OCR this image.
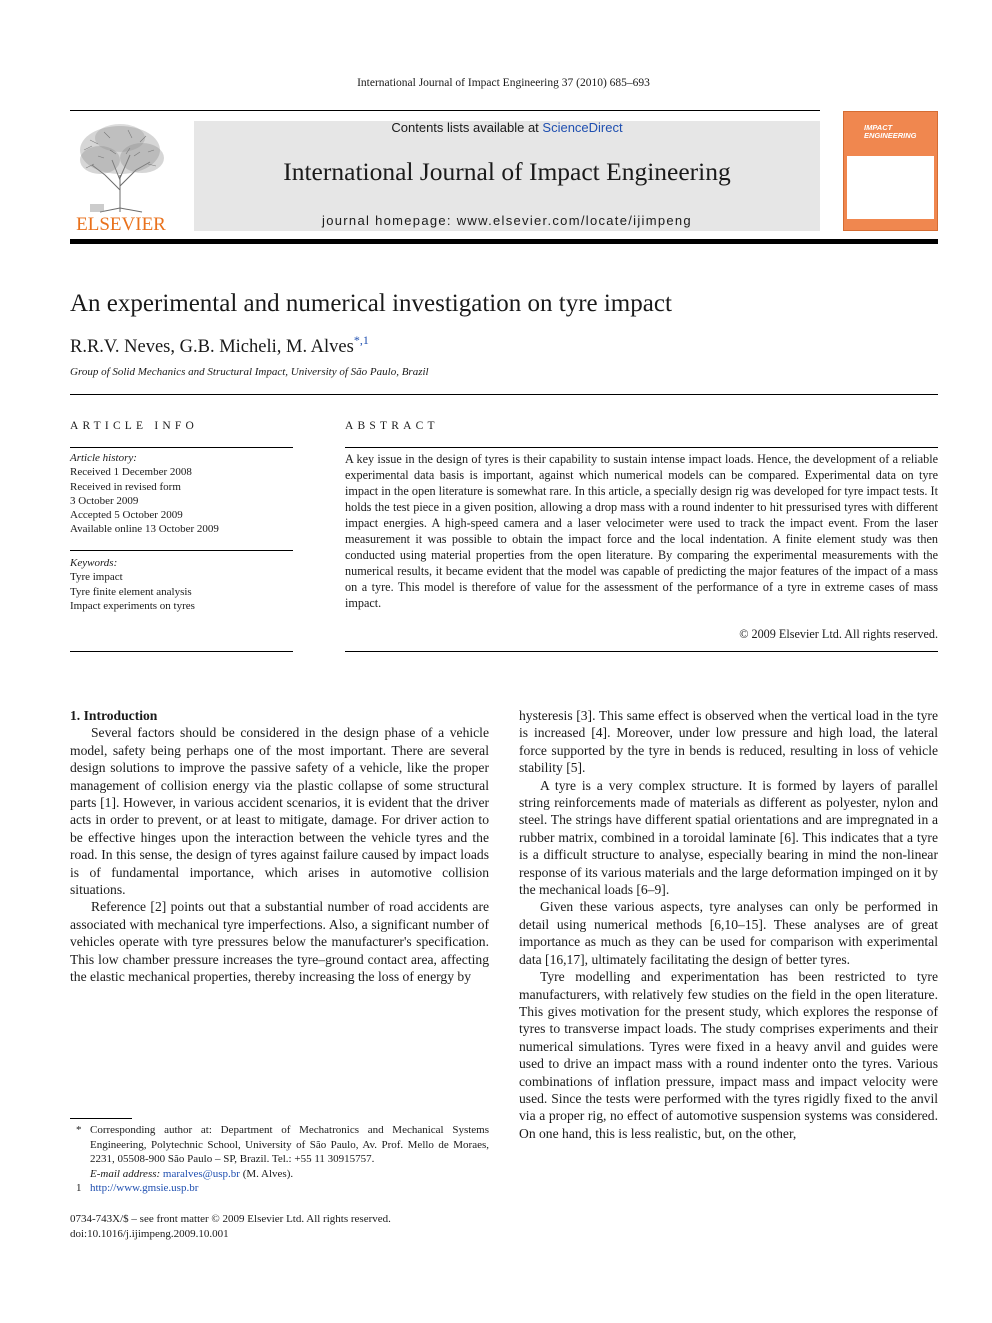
International Journal of Impact Engineering 37 (2010) 685–693
ELSEVIER
Contents lists available at ScienceDirect
International Journal of Impact Engineering
journal homepage: www.elsevier.com/locate/ijimpeng
IMPACT ENGINEERING
An experimental and numerical investigation on tyre impact
R.R.V. Neves, G.B. Micheli, M. Alves$^{*,1}$
Group of Solid Mechanics and Structural Impact, University of São Paulo, Brazil
ARTICLE INFO	ABSTRACT
Article history:
Received 1 December 2008
Received in revised form
3 October 2009
Accepted 5 October 2009
Available online 13 October 2009
Keywords:
Tyre impact
Tyre finite element analysis
Impact experiments on tyres
A key issue in the design of tyres is their capability to sustain intense impact loads. Hence, the development of a reliable experimental data basis is important, against which numerical models can be compared. Experimental data on tyre impact in the open literature is somewhat rare. In this article, a specially design rig was developed for tyre impact tests. It holds the test piece in a given position, allowing a drop mass with a round indenter to hit pressurised tyres with different impact energies. A high-speed camera and a laser velocimeter were used to track the impact event. From the laser measurement it was possible to obtain the impact force and the local indentation. A finite element study was then conducted using material properties from the open literature. By comparing the experimental measurements with the numerical results, it became evident that the model was capable of predicting the major features of the impact of a mass on a tyre. This model is therefore of value for the assessment of the performance of a tyre in extreme cases of mass impact.
© 2009 Elsevier Ltd. All rights reserved.

1. Introduction

Several factors should be considered in the design phase of a vehicle model, safety being perhaps one of the most important. There are several design solutions to improve the passive safety of a vehicle, like the proper management of collision energy via the plastic collapse of some structural parts [1]. However, in various accident scenarios, it is evident that the driver acts in order to prevent, or at least to mitigate, damage. For driver action to be effective hinges upon the interaction between the vehicle tyres and the road. In this sense, the design of tyres against failure caused by impact loads is of fundamental importance, which arises in automotive collision situations.

Reference [2] points out that a substantial number of road accidents are associated with mechanical tyre imperfections. Also, a significant number of vehicles operate with tyre pressures below the manufacturer's specification. This low chamber pressure increases the tyre–ground contact area, affecting the elastic mechanical properties, thereby increasing the loss of energy by

hysteresis [3]. This same effect is observed when the vertical load in the tyre is increased [4]. Moreover, under low pressure and high load, the lateral force supported by the tyre in bends is reduced, resulting in loss of vehicle stability [5].

A tyre is a very complex structure. It is formed by layers of parallel string reinforcements made of materials as different as polyester, nylon and steel. The strings have different spatial orientations and are impregnated in a rubber matrix, combined in a toroidal laminate [6]. This indicates that a tyre is a difficult structure to analyse, especially bearing in mind the non-linear response of its various materials and the large deformation impinged on it by the mechanical loads [6–9].

Given these various aspects, tyre analyses can only be performed in detail using numerical methods [6,10–15]. These analyses are of great importance as much as they can be used for comparison with experimental data [16,17], ultimately facilitating the design of better tyres.

Tyre modelling and experimentation has been restricted to tyre manufacturers, with relatively few studies on the field in the open literature. This gives motivation for the present study, which explores the response of tyres to transverse impact loads. The study comprises experiments and their numerical simulations. Tyres were fixed in a heavy anvil and guides were used to drive an impact mass with a round indenter onto the tyres. Various combinations of inflation pressure, impact mass and impact velocity were used. Since the tests were performed with the tyres rigidly fixed to the anvil via a proper rig, no effect of automotive suspension systems was considered. On one hand, this is less realistic, but, on the other,

* Corresponding author at: Department of Mechatronics and Mechanical Systems Engineering, Polytechnic School, University of São Paulo, Av. Prof. Mello de Moraes, 2231, 05508-900 São Paulo – SP, Brazil. Tel.: +55 11 30915757.
E-mail address: maralves@usp.br (M. Alves).
1 http://www.gmsie.usp.br
0734-743X/$ – see front matter © 2009 Elsevier Ltd. All rights reserved.
doi:10.1016/j.ijimpeng.2009.10.001
